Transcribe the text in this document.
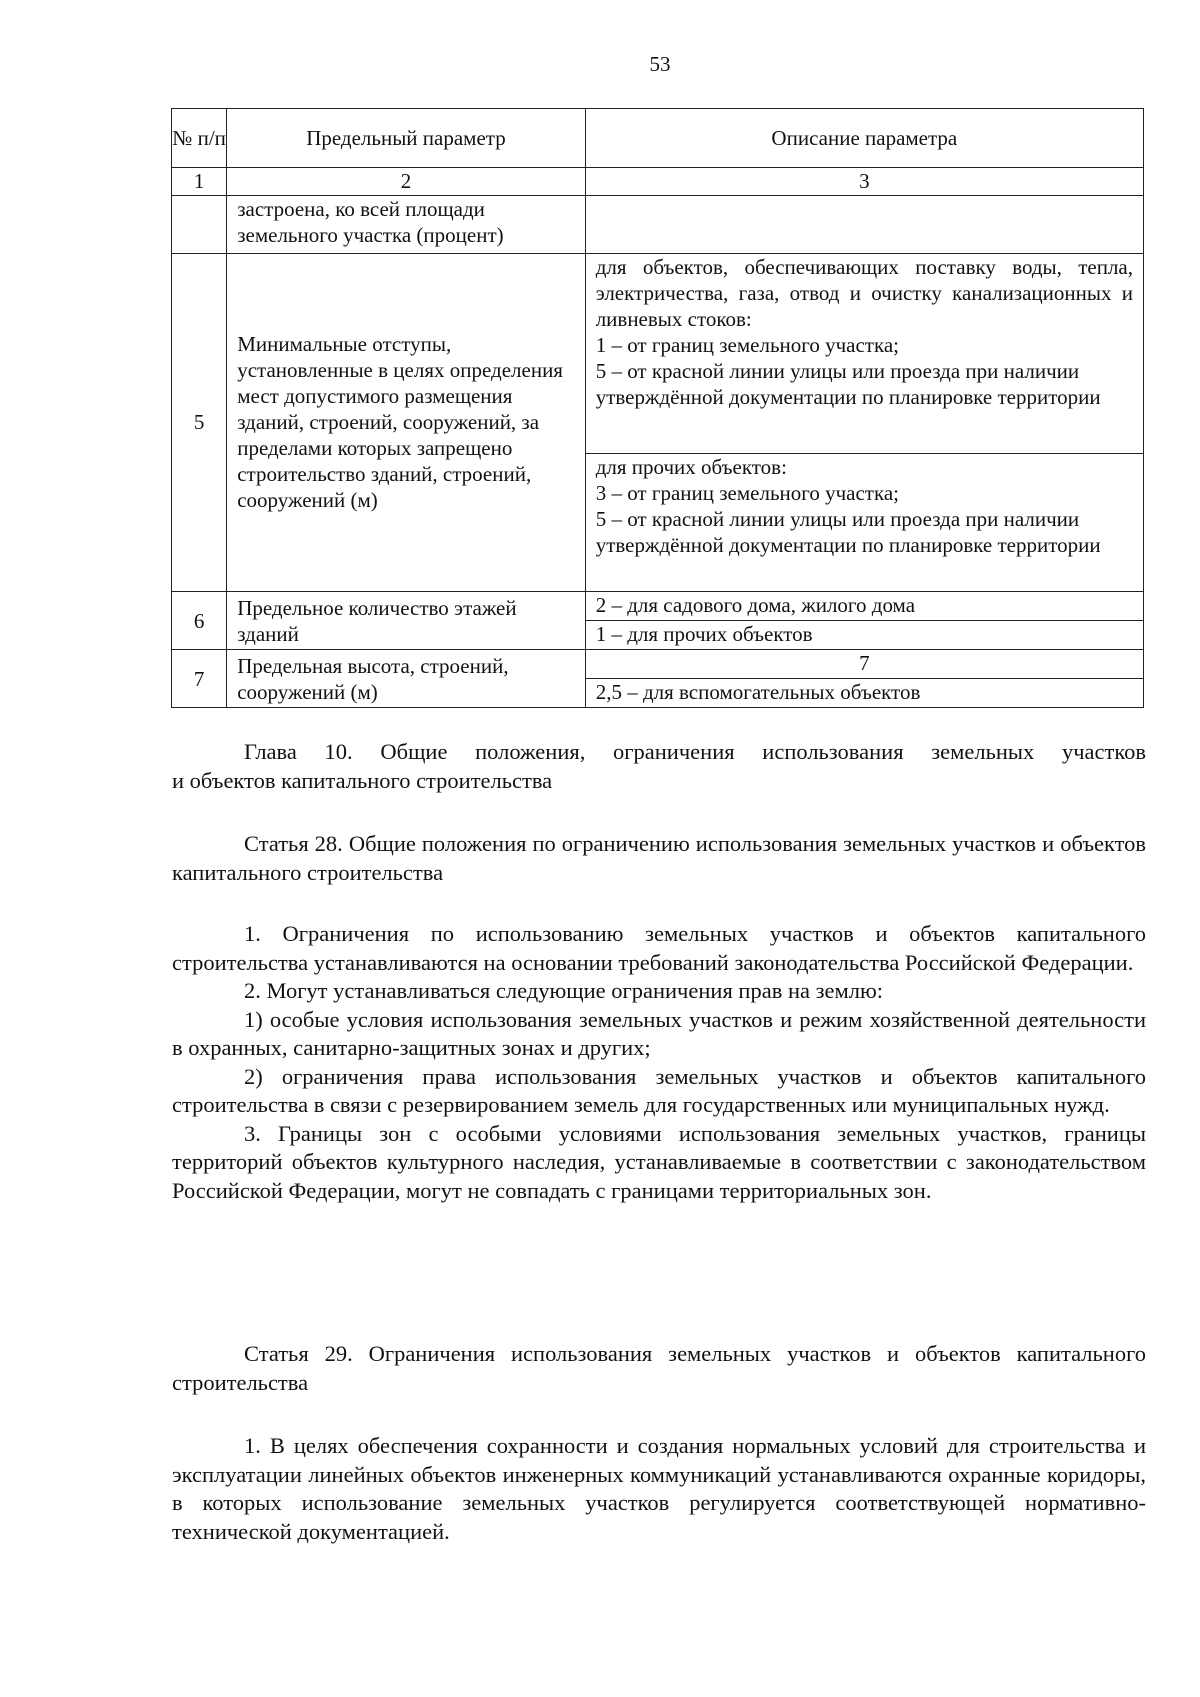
53
№ п/п	Предельный параметр	Описание параметра
1	2	3
	застроена, ко всей площади земельного участка (процент)	
5	Минимальные отступы, установленные в целях определения мест допустимого размещения зданий, строений, сооружений, за пределами которых запрещено строительство зданий, строений, сооружений (м)	для объектов, обеспечивающих поставку воды, тепла, электричества, газа, отвод и очистку канализационных и ливневых стоков:
1 – от границ земельного участка;
5 – от красной линии улицы или проезда при наличии утверждённой документации по планировке территории

		для прочих объектов:
3 – от границ земельного участка;
5 – от красной линии улицы или проезда при наличии утверждённой документации по планировке территории

6	Предельное количество этажей зданий	2 – для садового дома, жилого дома
		1 – для прочих объектов
7	Предельная высота, строений, сооружений (м)	7
		2,5 – для вспомогательных объектов

Глава 10. Общие положения, ограничения использования земельных участков

и объектов капитального строительства

Статья 28. Общие положения по ограничению использования земельных участков и объектов капитального строительства

1. Ограничения по использованию земельных участков и объектов капитального строительства устанавливаются на основании требований законодательства Российской Федерации.

2. Могут устанавливаться следующие ограничения прав на землю:

1) особые условия использования земельных участков и режим хозяйственной деятельности в охранных, санитарно-защитных зонах и других;

2) ограничения права использования земельных участков и объектов капитального строительства в связи с резервированием земель для государственных или муниципальных нужд.

3. Границы зон с особыми условиями использования земельных участков, границы территорий объектов культурного наследия, устанавливаемые в соответствии с законодательством Российской Федерации, могут не совпадать с границами территориальных зон.

Статья 29. Ограничения использования земельных участков и объектов капитального строительства

1. В целях обеспечения сохранности и создания нормальных условий для строительства и эксплуатации линейных объектов инженерных коммуникаций устанавливаются охранные коридоры, в которых использование земельных участков регулируется соответствующей нормативно-технической документацией.
